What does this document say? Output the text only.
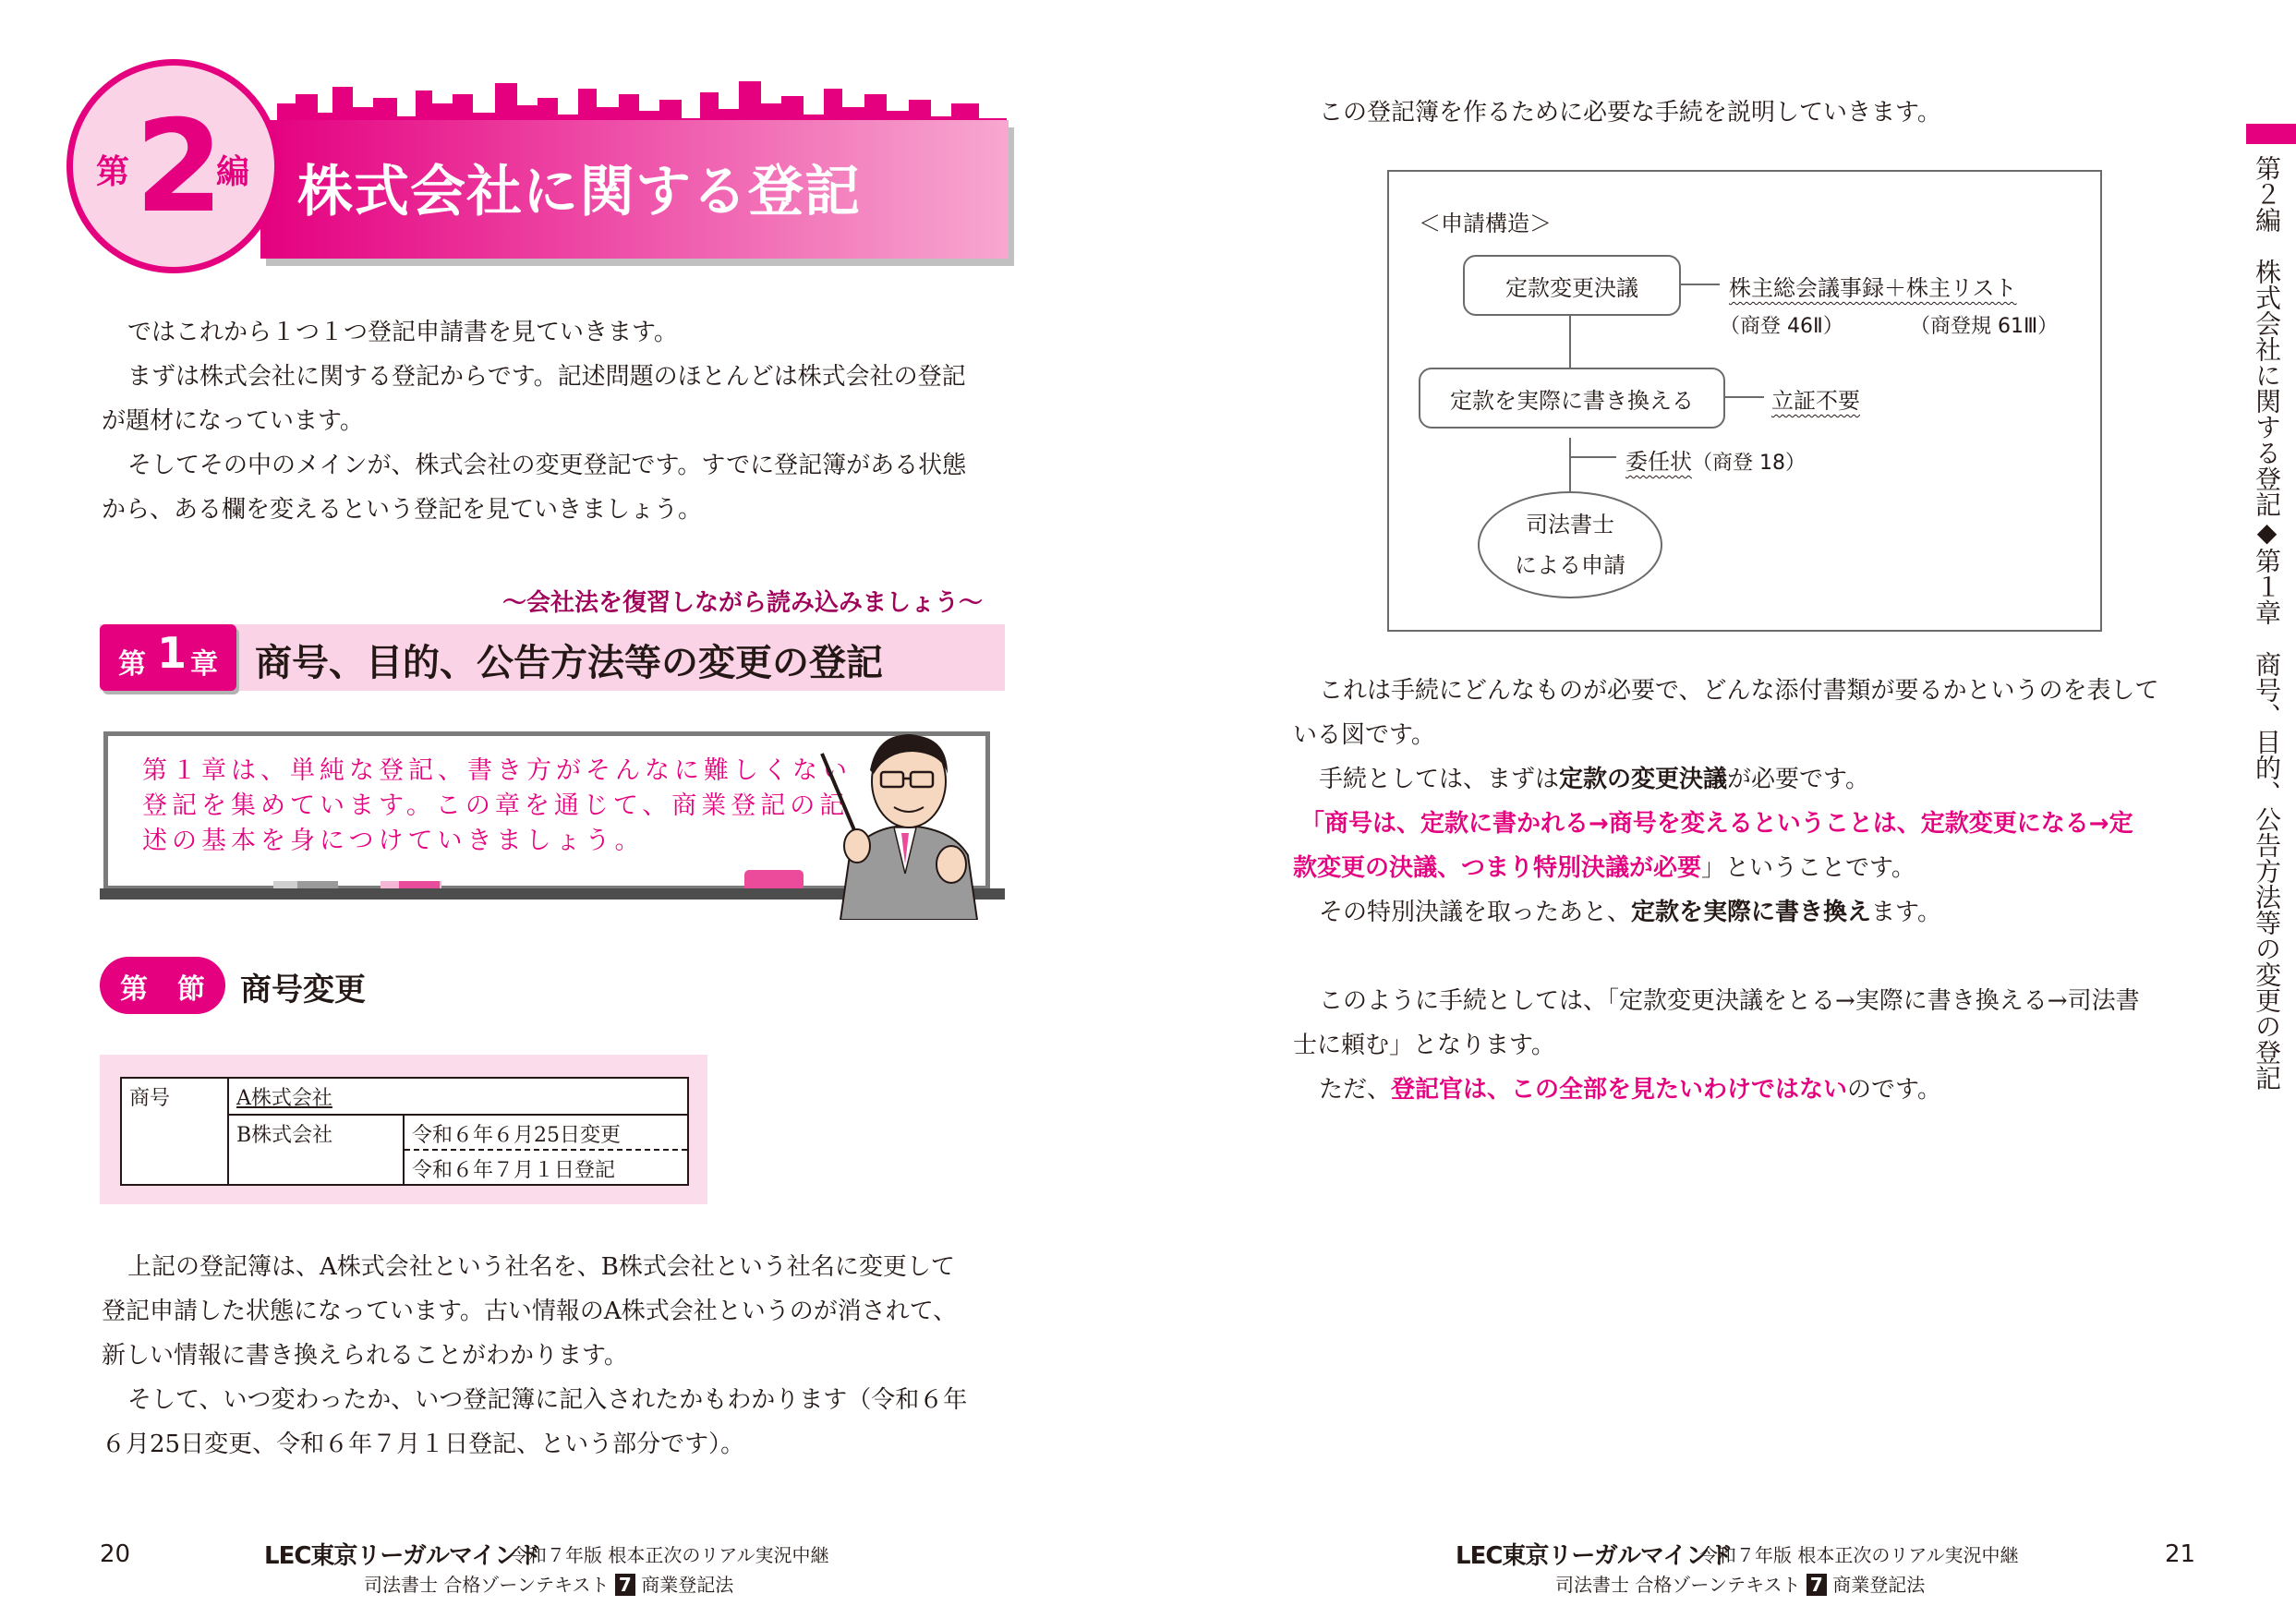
株式会社に関する登記
第 2
編
ではこれから１つ１つ登記申請書を見ていきます。
まずは株式会社に関する登記からです。記述問題のほとんどは株式会社の登記
が題材になっています。
そしてその中のメインが、株式会社の変更登記です。すでに登記簿がある状態
から、ある欄を変えるという登記を見ていきましょう。
〜会社法を復習しながら読み込みましょう〜
第 1 章 商号、目的、公告方法等の変更の登記
第１章は、単純な登記、書き方がそんなに難しくない
登記を集めています。この章を通じて、商業登記の記
述の基本を身につけていきましょう。
第 節 商号変更
商号	A株式会社
B株式会社	令和６年６月25日変更
令和６年７月１日登記
上記の登記簿は、A株式会社という社名を、B株式会社という社名に変更して
登記申請した状態になっています。古い情報のA株式会社というのが消されて、
新しい情報に書き換えられることがわかります。
そして、いつ変わったか、いつ登記簿に記入されたかもわかります（令和６年
６月25日変更、令和６年７月１日登記、という部分です）。
20	LEC東京リーガルマインド
令和７年版 根本正次のリアル実況中継
司法書士 合格ゾーンテキスト 7 商業登記法
この登記簿を作るために必要な手続を説明していきます。
＜申請構造＞
定款変更決議	株主総会議事録＋株主リスト
（商登 46Ⅱ）	（商登規 61Ⅲ）
定款を実際に書き換える	立証不要
委任状（商登 18）
司法書士
による申請
これは手続にどんなものが必要で、どんな添付書類が要るかというのを表して
いる図です。
手続としては、まずは定款の変更決議が必要です。
「商号は、定款に書かれる→商号を変えるということは、定款変更になる→定
款変更の決議、つまり特別決議が必要」ということです。
その特別決議を取ったあと、定款を実際に書き換えます。
このように手続としては、「定款変更決議をとる→実際に書き換える→司法書
士に頼む」となります。
ただ、登記官は、この全部を見たいわけではないのです。	第２編　株式会社に関する登記◆第１章　商号、目的、公告方法等の変更の登記
LEC東京リーガルマインド
令和７年版 根本正次のリアル実況中継
司法書士 合格ゾーンテキスト 7 商業登記法
21
